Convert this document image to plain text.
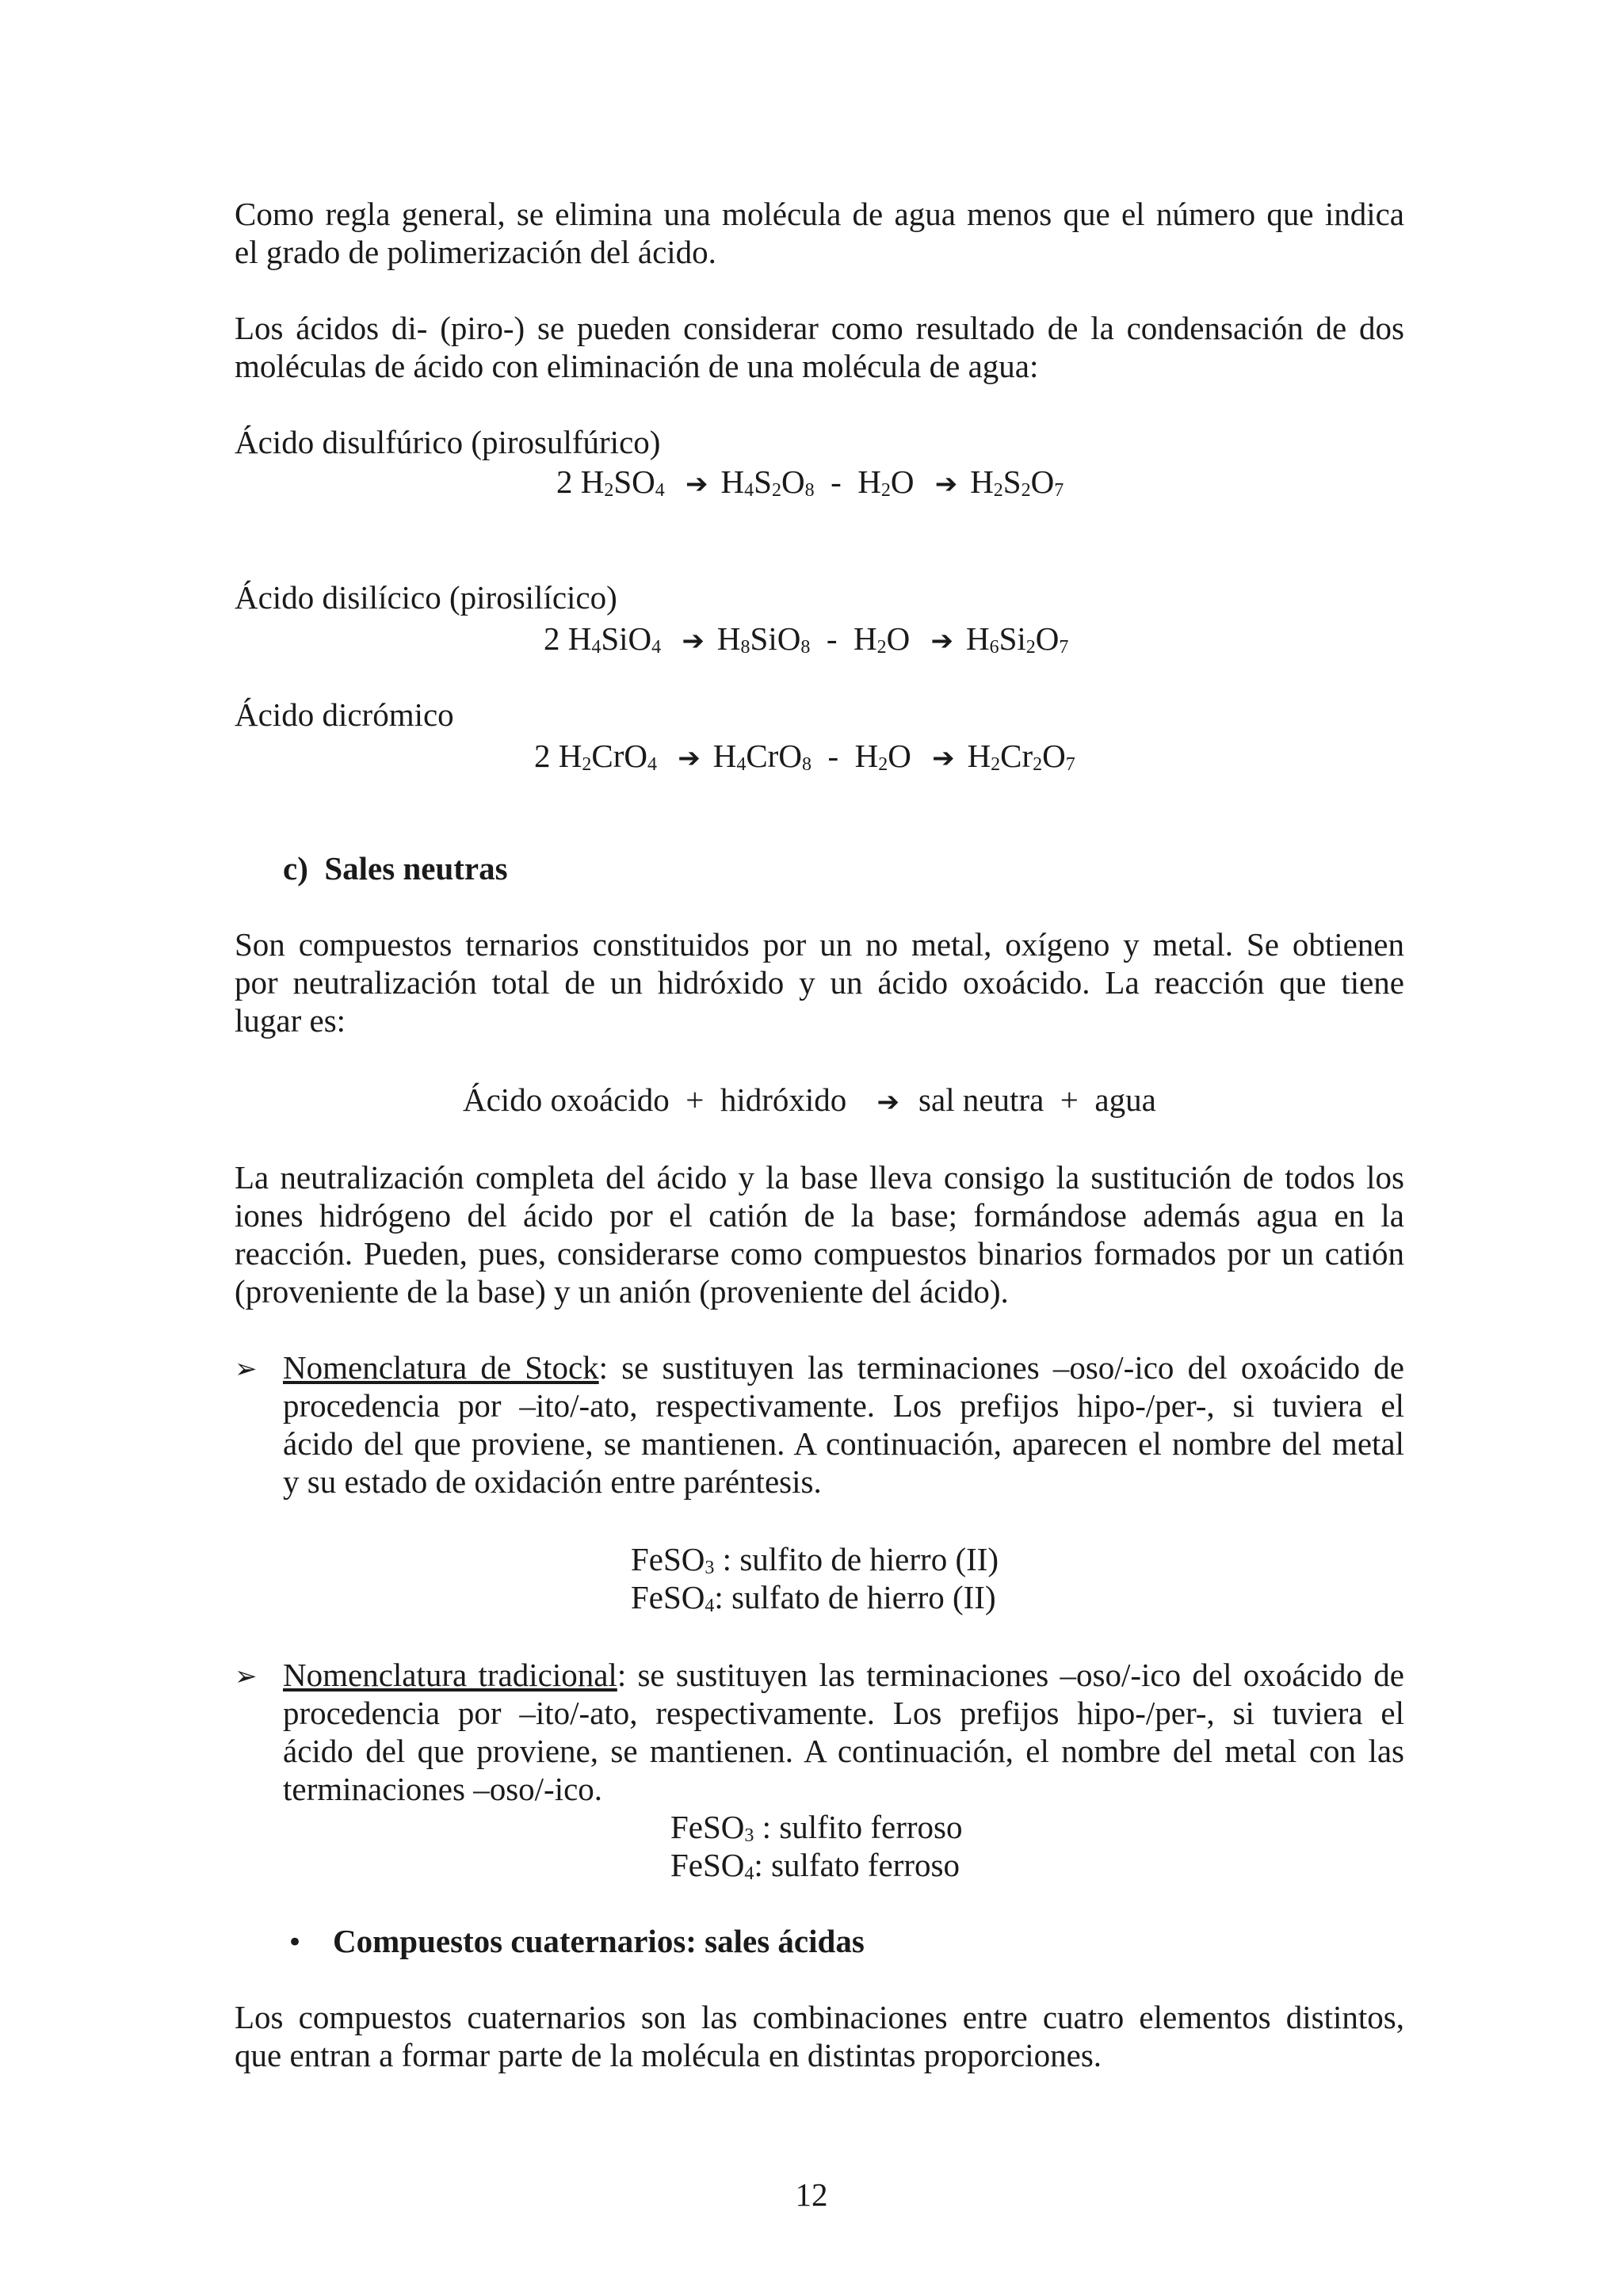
Como regla general, se elimina una molécula de agua menos que el número que indica
el grado de polimerización del ácido.

Los ácidos di- (piro-) se pueden considerar como resultado de la condensación de dos
moléculas de ácido con eliminación de una molécula de agua:

Ácido disulfúrico (pirosulfúrico)

2 $H_2SO_4$ ➔ $H_4S_2O_8 - H_2O$ ➔ $H_2S_2O_7$

Ácido disilícico (pirosilícico)

2 $H_4SiO_4$ ➔ $H_8SiO_8 - H_2O$ ➔ $H_6Si_2O_7$

Ácido dicrómico

2 $H_2CrO_4$ ➔ $H_4CrO_8 - H_2O$ ➔ $H_2Cr_2O_7$

c) Sales neutras

Son compuestos ternarios constituidos por un no metal, oxígeno y metal. Se obtienen
por neutralización total de un hidróxido y un ácido oxoácido. La reacción que tiene
lugar es:

Ácido oxoácido + hidróxido ➔ sal neutra + agua

La neutralización completa del ácido y la base lleva consigo la sustitución de todos los
iones hidrógeno del ácido por el catión de la base; formándose además agua en la
reacción. Pueden, pues, considerarse como compuestos binarios formados por un catión
(proveniente de la base) y un anión (proveniente del ácido).

➢ Nomenclatura de Stock: se sustituyen las terminaciones –oso/-ico del oxoácido de
procedencia por –ito/-ato, respectivamente. Los prefijos hipo-/per-, si tuviera el
ácido del que proviene, se mantienen. A continuación, aparecen el nombre del metal
y su estado de oxidación entre paréntesis.

FeSO$_3$ : sulfito de hierro (II)

FeSO$_4$: sulfato de hierro (II)

➢ Nomenclatura tradicional: se sustituyen las terminaciones –oso/-ico del oxoácido de
procedencia por –ito/-ato, respectivamente. Los prefijos hipo-/per-, si tuviera el
ácido del que proviene, se mantienen. A continuación, el nombre del metal con las
terminaciones –oso/-ico.

FeSO$_3$ : sulfito ferroso

FeSO$_4$: sulfato ferroso

• Compuestos cuaternarios: sales ácidas

Los compuestos cuaternarios son las combinaciones entre cuatro elementos distintos,
que entran a formar parte de la molécula en distintas proporciones.

12
